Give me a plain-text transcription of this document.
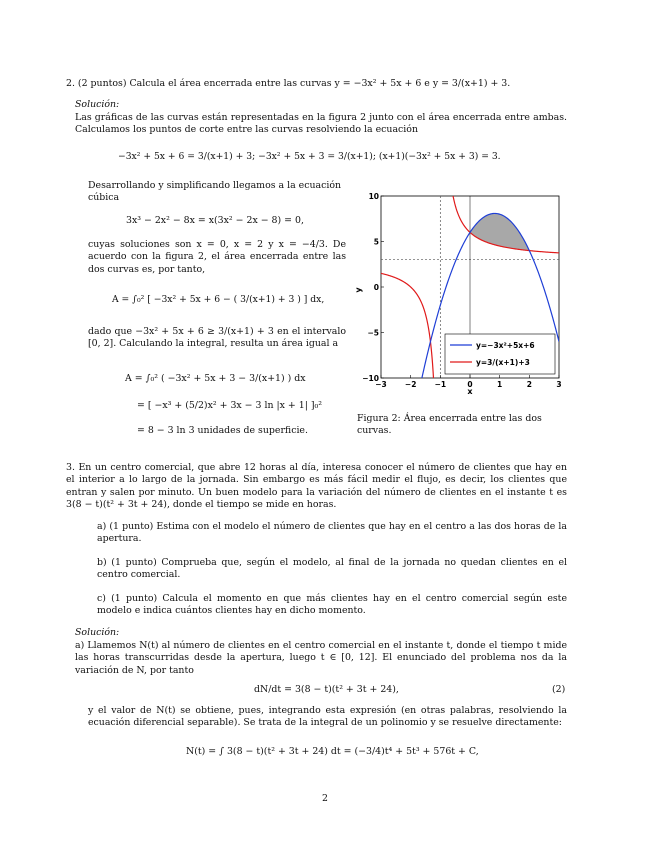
2. (2 puntos) Calcula el área encerrada entre las curvas y = −3x² + 5x + 6 e y = 3/(x+1) + 3.
Solución:
Las gráficas de las curvas están representadas en la figura 2 junto con el área encerrada entre ambas. Calculamos los puntos de corte entre las curvas resolviendo la ecuación
−3x² + 5x + 6 = 3/(x+1) + 3; −3x² + 5x + 3 = 3/(x+1); (x+1)(−3x² + 5x + 3) = 3.
Desarrollando y simplificando llegamos a la ecuación cúbica
3x³ − 2x² − 8x = x(3x² − 2x − 8) = 0,
cuyas soluciones son x = 0, x = 2 y x = −4/3. De acuerdo con la figura 2, el área encerrada entre las dos curvas es, por tanto,
A = ∫₀² [ −3x² + 5x + 6 − ( 3/(x+1) + 3 ) ] dx,
dado que −3x² + 5x + 6 ≥ 3/(x+1) + 3 en el intervalo [0, 2]. Calculando la integral, resulta un área igual a
A = ∫₀² ( −3x² + 5x + 3 − 3/(x+1) ) dx
= [ −x³ + (5/2)x² + 3x − 3 ln |x + 1| ]₀²
= 8 − 3 ln 3 unidades de superficie.
−3 −2 −1	0	1	2	3
10
5
0
−5
−10
x
y
y=−3x²+5x+6
y=3/(x+1)+3
Figura 2: Área encerrada entre las dos curvas.
3. En un centro comercial, que abre 12 horas al día, interesa conocer el número de clientes que hay en el interior a lo largo de la jornada. Sin embargo es más fácil medir el flujo, es decir, los clientes que entran y salen por minuto. Un buen modelo para la variación del número de clientes en el instante t es 3(8 − t)(t² + 3t + 24), donde el tiempo se mide en horas.
a) (1 punto) Estima con el modelo el número de clientes que hay en el centro a las dos horas de la apertura.
b) (1 punto) Comprueba que, según el modelo, al final de la jornada no quedan clientes en el centro comercial.
c) (1 punto) Calcula el momento en que más clientes hay en el centro comercial según este modelo e indica cuántos clientes hay en dicho momento.
Solución:
a) Llamemos N(t) al número de clientes en el centro comercial en el instante t, donde el tiempo t mide las horas transcurridas desde la apertura, luego t ∈ [0, 12]. El enunciado del problema nos da la variación de N, por tanto
dN/dt = 3(8 − t)(t² + 3t + 24),	(2)
y el valor de N(t) se obtiene, pues, integrando esta expresión (en otras palabras, resolviendo la ecuación diferencial separable). Se trata de la integral de un polinomio y se resuelve directamente:
N(t) = ∫ 3(8 − t)(t² + 3t + 24) dt = (−3/4)t⁴ + 5t³ + 576t + C,
2
